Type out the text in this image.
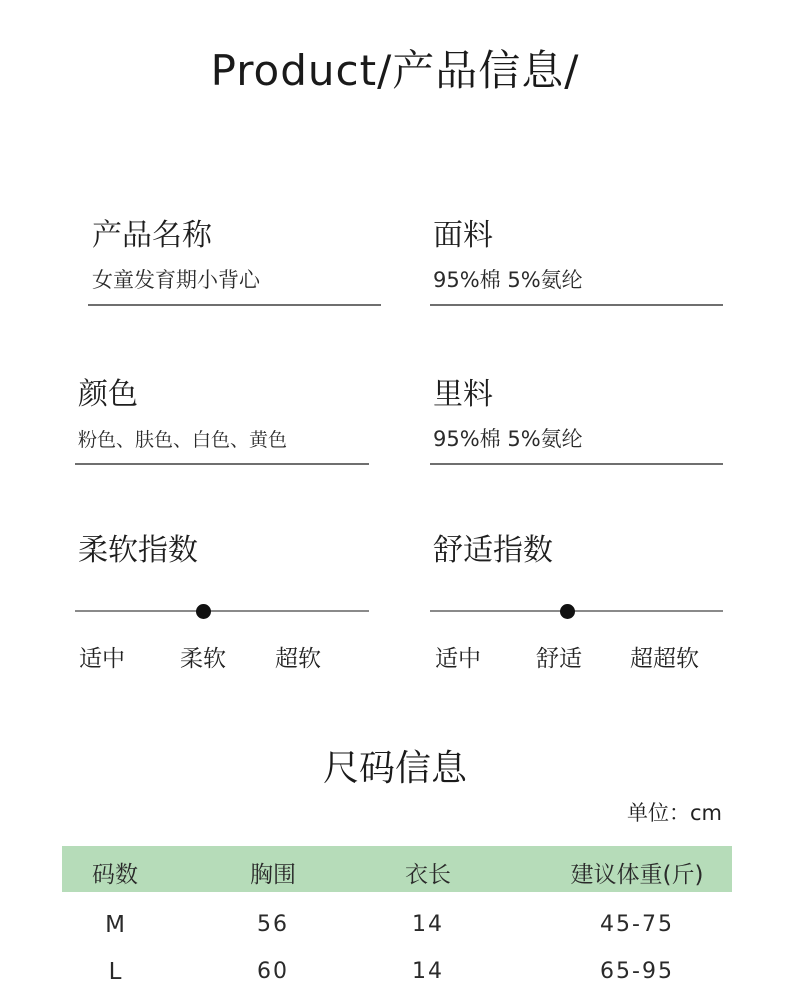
Product/产品信息/
产品名称
女童发育期小背心
面料
95%棉 5%氨纶
颜色
粉色、肤色、白色、黄色
里料
95%棉 5%氨纶
柔软指数
适中 柔软 超软
舒适指数
适中 舒适 超超软
尺码信息
单位：cm
码数	胸围	衣长	建议体重(斤)
M	56	14	45-75
L	60	14	65-95
